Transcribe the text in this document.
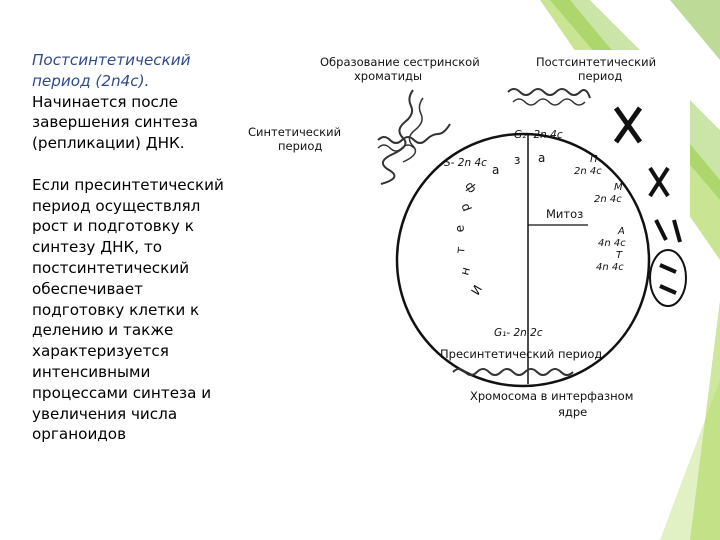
Постсинтетический период (2n4c).
Начинается после завершения синтеза (репликации) ДНК.
Если пресинтетический период осуществлял рост и подготовку к синтезу ДНК, то постсинтетический обеспечивает подготовку клетки к делению и также характеризуется интенсивными процессами синтеза и увеличения числа органоидов
Образование сестринской
хроматиды
Постсинтетический
период
Синтетический
период
G₂- 2n 4c
S- 2n 4c
И
н
т
е
р
ф
а
з а	П
2n 4c
М
2n 4c
Митоз
А
4n 4c
Т
4n 4c
G₁- 2n 2c
Пресинтетический период
Хромосома в интерфазном
ядре
